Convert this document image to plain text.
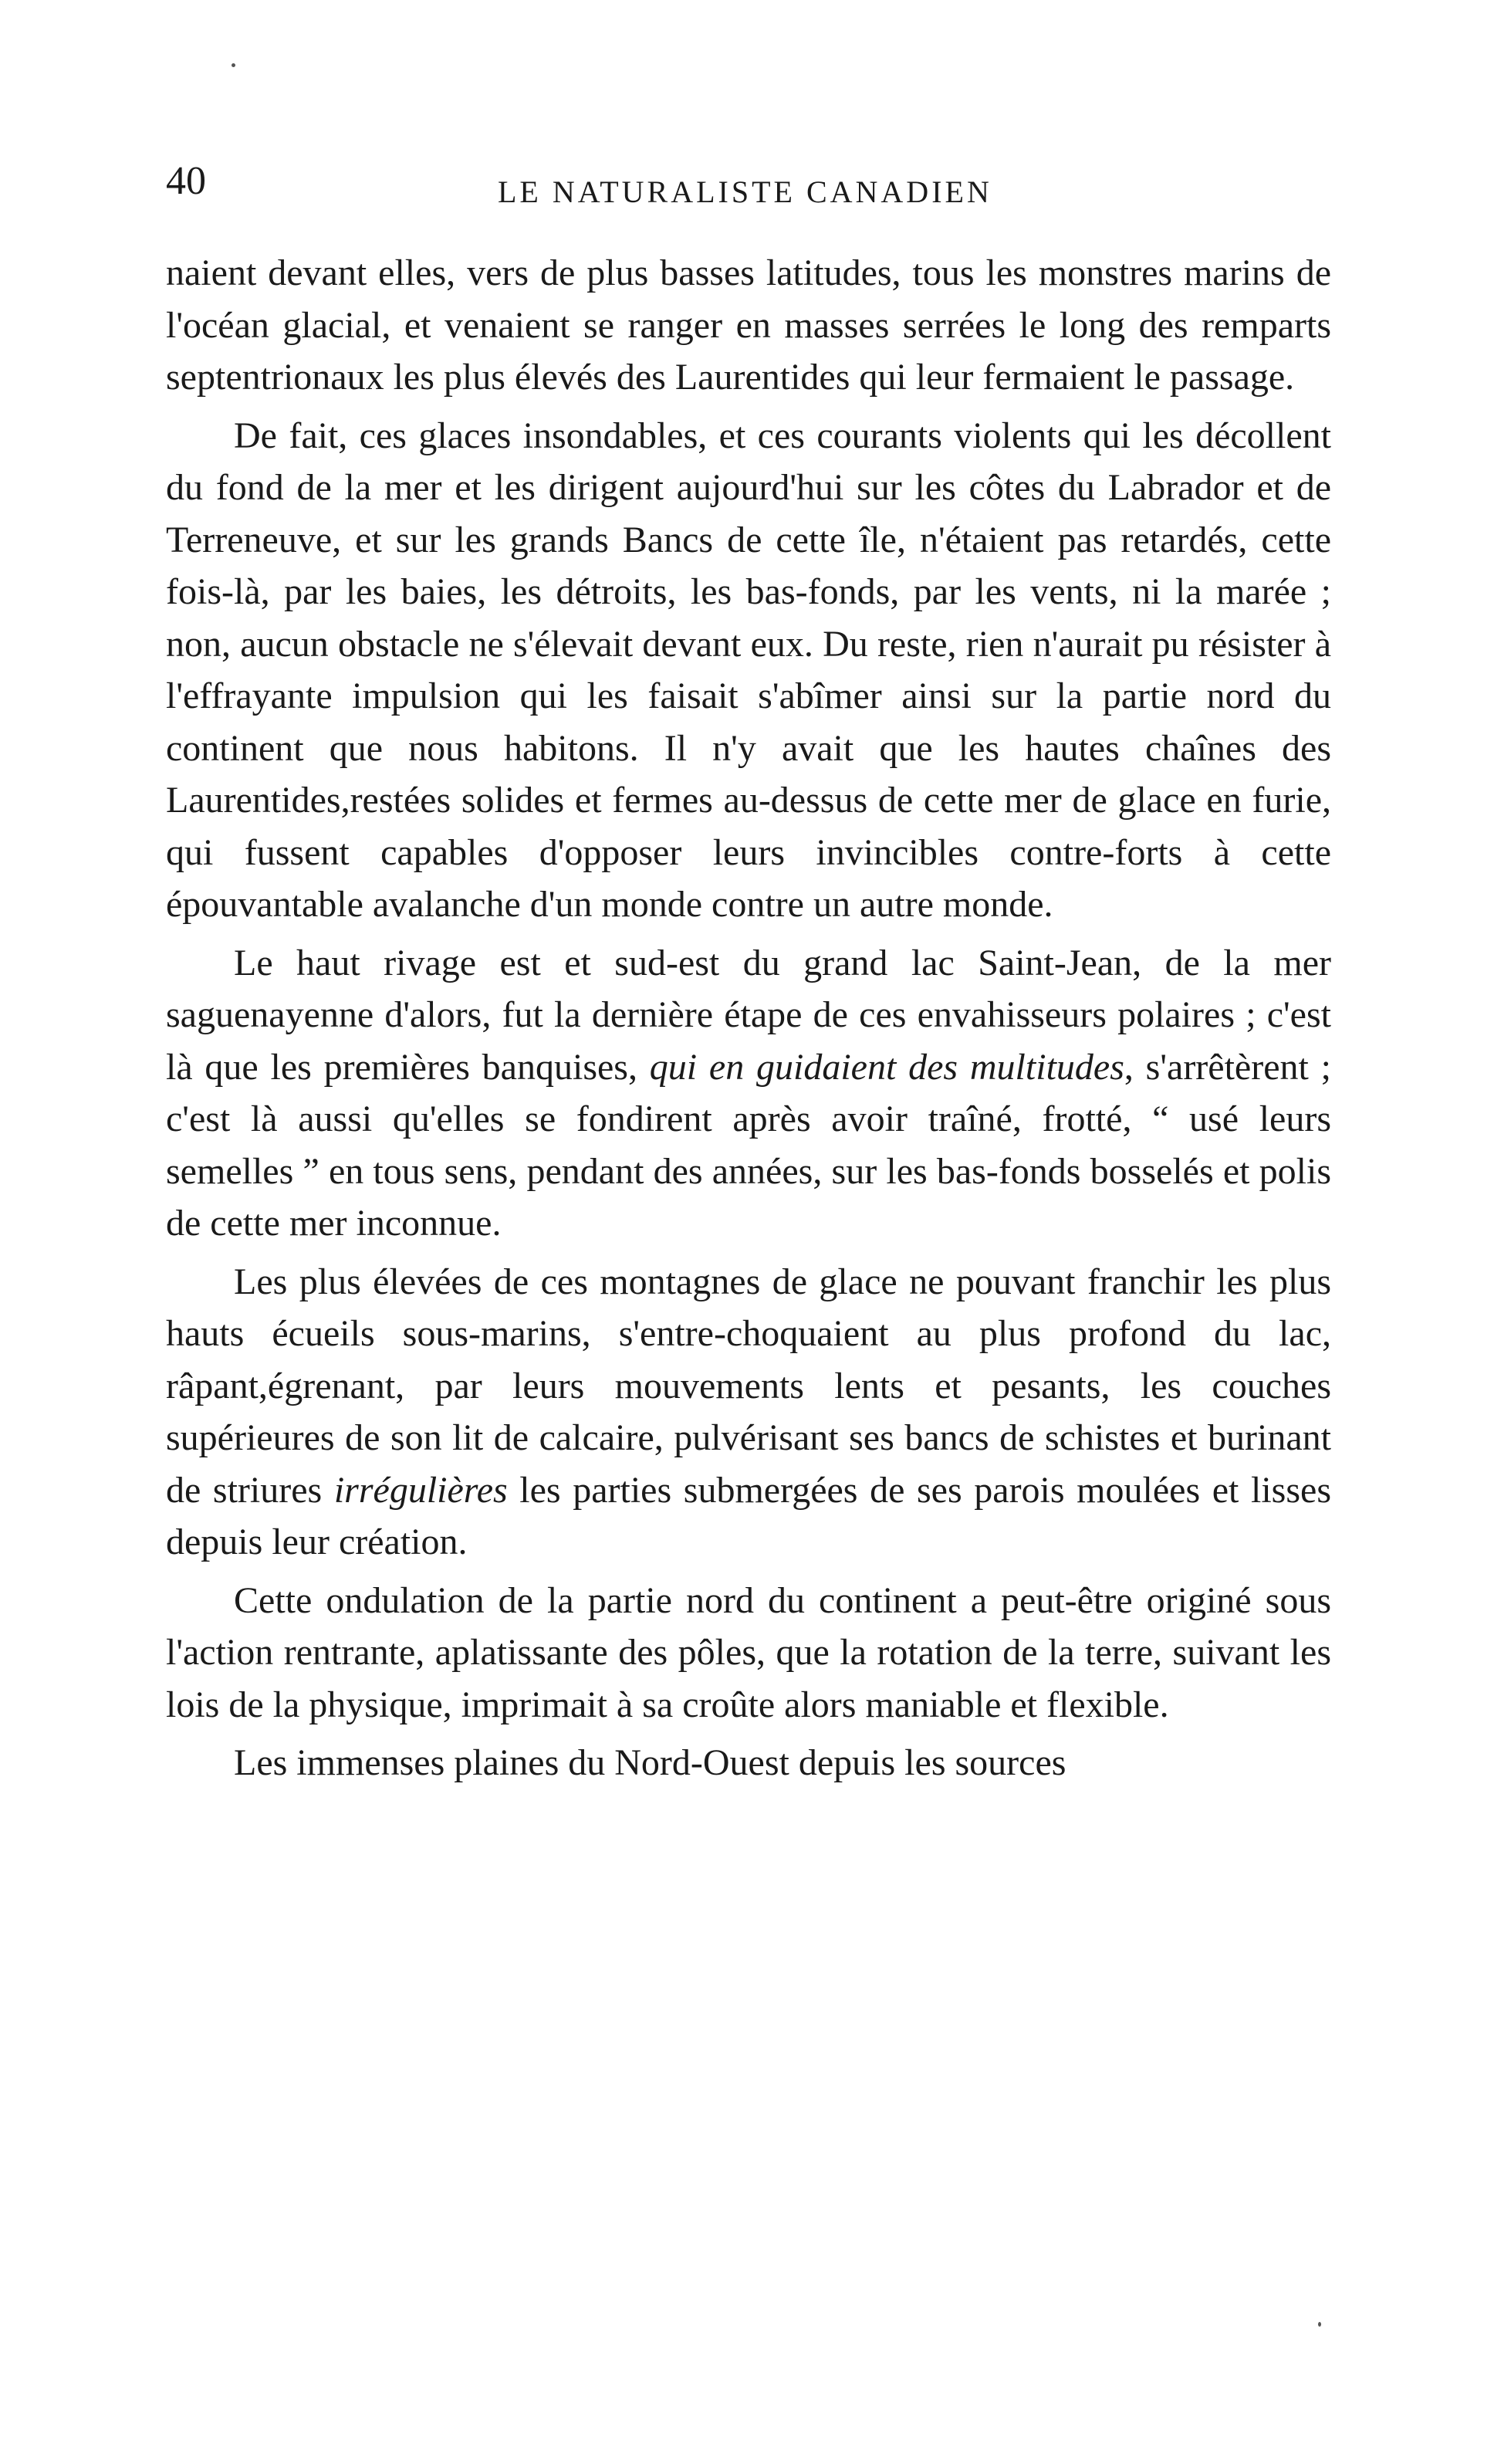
40	LE NATURALISTE CANADIEN

naient devant elles, vers de plus basses latitudes, tous les monstres marins de l'océan glacial, et venaient se ranger en masses serrées le long des remparts septentrionaux les plus élevés des Laurentides qui leur fermaient le passage.

De fait, ces glaces insondables, et ces courants violents qui les décollent du fond de la mer et les dirigent aujourd'hui sur les côtes du Labrador et de Terreneuve, et sur les grands Bancs de cette île, n'étaient pas retardés, cette fois-là, par les baies, les détroits, les bas-fonds, par les vents, ni la marée ; non, aucun obstacle ne s'élevait devant eux. Du reste, rien n'aurait pu résister à l'effrayante impulsion qui les faisait s'abîmer ainsi sur la partie nord du continent que nous habitons. Il n'y avait que les hautes chaînes des Laurentides,restées solides et fermes au-dessus de cette mer de glace en furie, qui fussent capables d'opposer leurs invincibles contre-forts à cette épouvantable avalanche d'un monde contre un autre monde.

Le haut rivage est et sud-est du grand lac Saint-Jean, de la mer saguenayenne d'alors, fut la dernière étape de ces envahisseurs polaires ; c'est là que les premières banquises, qui en guidaient des multitudes, s'arrêtèrent ; c'est là aussi qu'elles se fondirent après avoir traîné, frotté, “ usé leurs semelles ” en tous sens, pendant des années, sur les bas-fonds bosselés et polis de cette mer inconnue.

Les plus élevées de ces montagnes de glace ne pouvant franchir les plus hauts écueils sous-marins, s'entre-choquaient au plus profond du lac, râpant,égrenant, par leurs mouvements lents et pesants, les couches supérieures de son lit de calcaire, pulvérisant ses bancs de schistes et burinant de striures irrégulières les parties submergées de ses parois moulées et lisses depuis leur création.

Cette ondulation de la partie nord du continent a peut-être originé sous l'action rentrante, aplatissante des pôles, que la rotation de la terre, suivant les lois de la physique, imprimait à sa croûte alors maniable et flexible.

Les immenses plaines du Nord-Ouest depuis les sources
